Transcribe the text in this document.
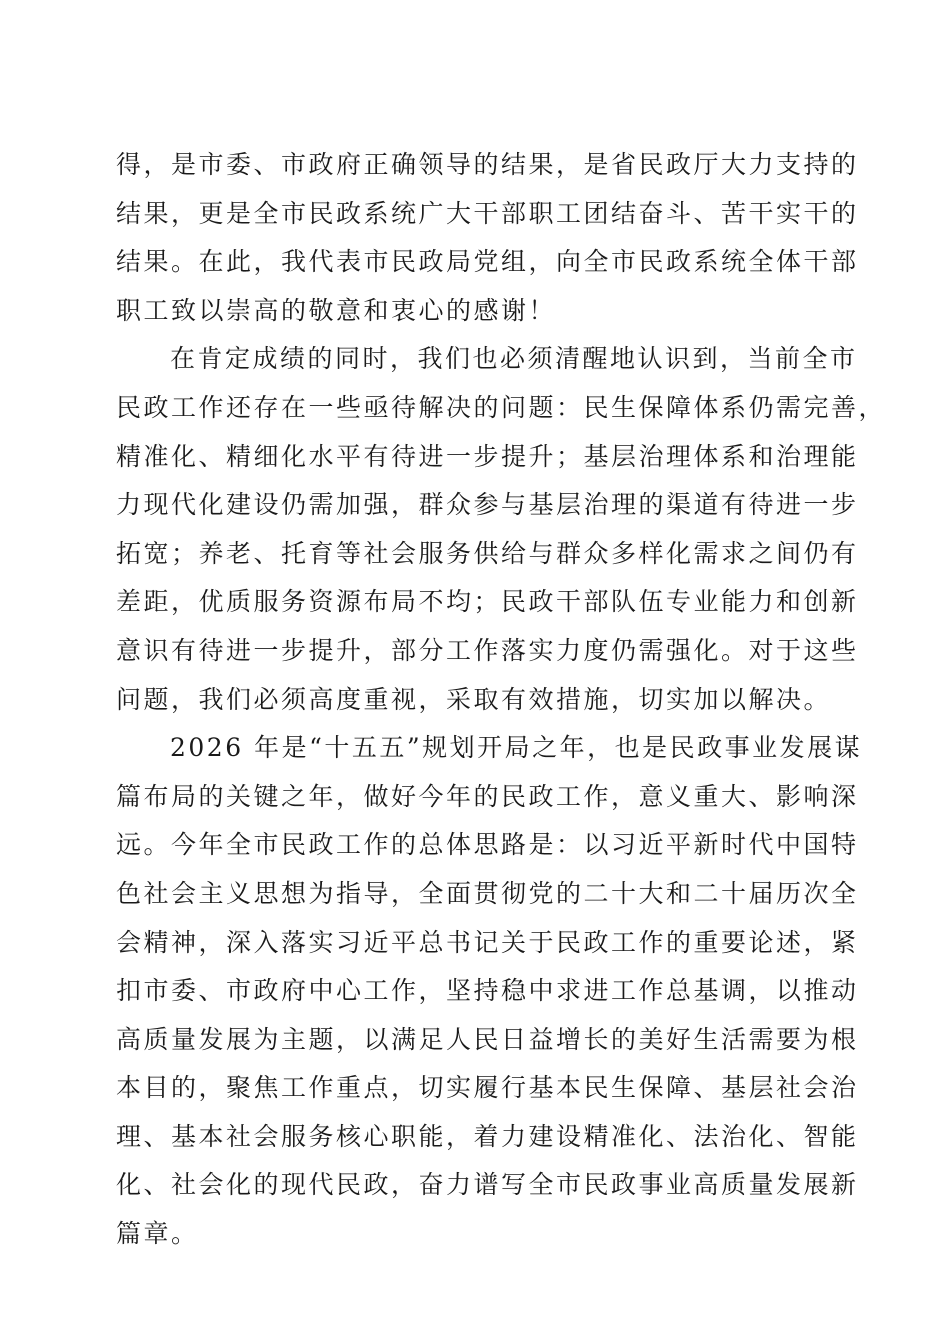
得，是市委、市政府正确领导的结果，是省民政厅大力支持的
结果，更是全市民政系统广大干部职工团结奋斗、苦干实干的
结果。在此，我代表市民政局党组，向全市民政系统全体干部
职工致以崇高的敬意和衷心的感谢！
在肯定成绩的同时，我们也必须清醒地认识到，当前全市
民政工作还存在一些亟待解决的问题：民生保障体系仍需完善，
精准化、精细化水平有待进一步提升；基层治理体系和治理能
力现代化建设仍需加强，群众参与基层治理的渠道有待进一步
拓宽；养老、托育等社会服务供给与群众多样化需求之间仍有
差距，优质服务资源布局不均；民政干部队伍专业能力和创新
意识有待进一步提升，部分工作落实力度仍需强化。对于这些
问题，我们必须高度重视，采取有效措施，切实加以解决。
2026 年是“十五五”规划开局之年，也是民政事业发展谋
篇布局的关键之年，做好今年的民政工作，意义重大、影响深
远。今年全市民政工作的总体思路是：以习近平新时代中国特
色社会主义思想为指导，全面贯彻党的二十大和二十届历次全
会精神，深入落实习近平总书记关于民政工作的重要论述，紧
扣市委、市政府中心工作，坚持稳中求进工作总基调，以推动
高质量发展为主题，以满足人民日益增长的美好生活需要为根
本目的，聚焦工作重点，切实履行基本民生保障、基层社会治
理、基本社会服务核心职能，着力建设精准化、法治化、智能
化、社会化的现代民政，奋力谱写全市民政事业高质量发展新
篇章。
